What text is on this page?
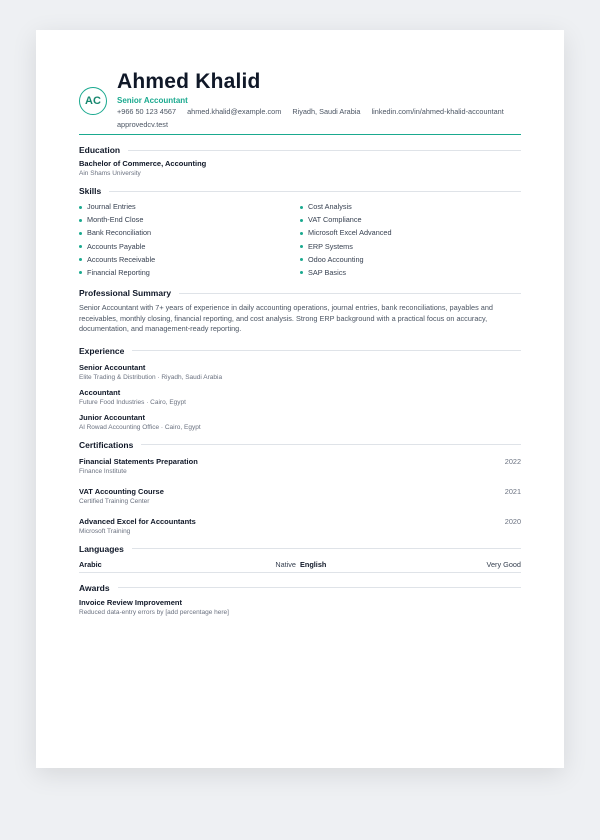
AC
Ahmed Khalid
Senior Accountant
+966 50 123 4567 ahmed.khalid@example.com Riyadh, Saudi Arabia linkedin.com/in/ahmed-khalid-accountant
approvedcv.test
Education
Bachelor of Commerce, Accounting
Ain Shams University
Skills
Journal Entries
Month-End Close
Bank Reconciliation
Accounts Payable
Accounts Receivable
Financial Reporting
Cost Analysis
VAT Compliance
Microsoft Excel Advanced
ERP Systems
Odoo Accounting
SAP Basics
Professional Summary
Senior Accountant with 7+ years of experience in daily accounting operations, journal entries, bank reconciliations, payables and receivables, monthly closing, financial reporting, and cost analysis. Strong ERP background with a practical focus on accuracy, documentation, and management-ready reporting.
Experience
Senior Accountant
Elite Trading & Distribution · Riyadh, Saudi Arabia
Accountant
Future Food Industries · Cairo, Egypt
Junior Accountant
Al Rowad Accounting Office · Cairo, Egypt
Certifications
Financial Statements Preparation
Finance Institute
2022
VAT Accounting Course
Certified Training Center
2021
Advanced Excel for Accountants
Microsoft Training
2020
Languages
Arabic	Native English	Very Good
Awards
Invoice Review Improvement
Reduced data-entry errors by [add percentage here]
